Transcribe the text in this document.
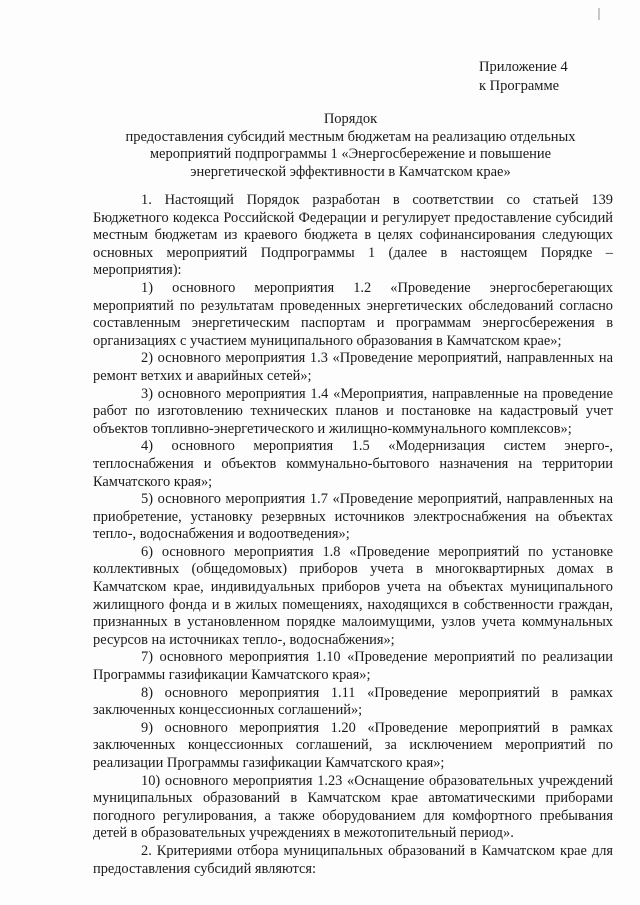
Приложение 4
к Программе
Порядок
предоставления субсидий местным бюджетам на реализацию отдельных
мероприятий подпрограммы 1 «Энергосбережение и повышение
энергетической эффективности в Камчатском крае»

1. Настоящий Порядок разработан в соответствии со статьей 139 Бюджетного кодекса Российской Федерации и регулирует предоставление субсидий местным бюджетам из краевого бюджета в целях софинансирования следующих основных мероприятий Подпрограммы 1 (далее в настоящем Порядке – мероприятия):

1) основного мероприятия 1.2 «Проведение энергосберегающих мероприятий по результатам проведенных энергетических обследований согласно составленным энергетическим паспортам и программам энергосбережения в организациях с участием муниципального образования в Камчатском крае»;

2) основного мероприятия 1.3 «Проведение мероприятий, направленных на ремонт ветхих и аварийных сетей»;

3) основного мероприятия 1.4 «Мероприятия, направленные на проведение работ по изготовлению технических планов и постановке на кадастровый учет объектов топливно-энергетического и жилищно-коммунального комплексов»;

4) основного мероприятия 1.5 «Модернизация систем энерго-, теплоснабжения и объектов коммунально-бытового назначения на территории Камчатского края»;

5) основного мероприятия 1.7 «Проведение мероприятий, направленных на приобретение, установку резервных источников электроснабжения на объектах тепло-, водоснабжения и водоотведения»;

6) основного мероприятия 1.8 «Проведение мероприятий по установке коллективных (общедомовых) приборов учета в многоквартирных домах в Камчатском крае, индивидуальных приборов учета на объектах муниципального жилищного фонда и в жилых помещениях, находящихся в собственности граждан, признанных в установленном порядке малоимущими, узлов учета коммунальных ресурсов на источниках тепло-, водоснабжения»;

7) основного мероприятия 1.10 «Проведение мероприятий по реализации Программы газификации Камчатского края»;

8) основного мероприятия 1.11 «Проведение мероприятий в рамках заключенных концессионных соглашений»;

9) основного мероприятия 1.20 «Проведение мероприятий в рамках заключенных концессионных соглашений, за исключением мероприятий по реализации Программы газификации Камчатского края»;

10) основного мероприятия 1.23 «Оснащение образовательных учреждений муниципальных образований в Камчатском крае автоматическими приборами погодного регулирования, а также оборудованием для комфортного пребывания детей в образовательных учреждениях в межотопительный период».

2. Критериями отбора муниципальных образований в Камчатском крае для предоставления субсидий являются:
